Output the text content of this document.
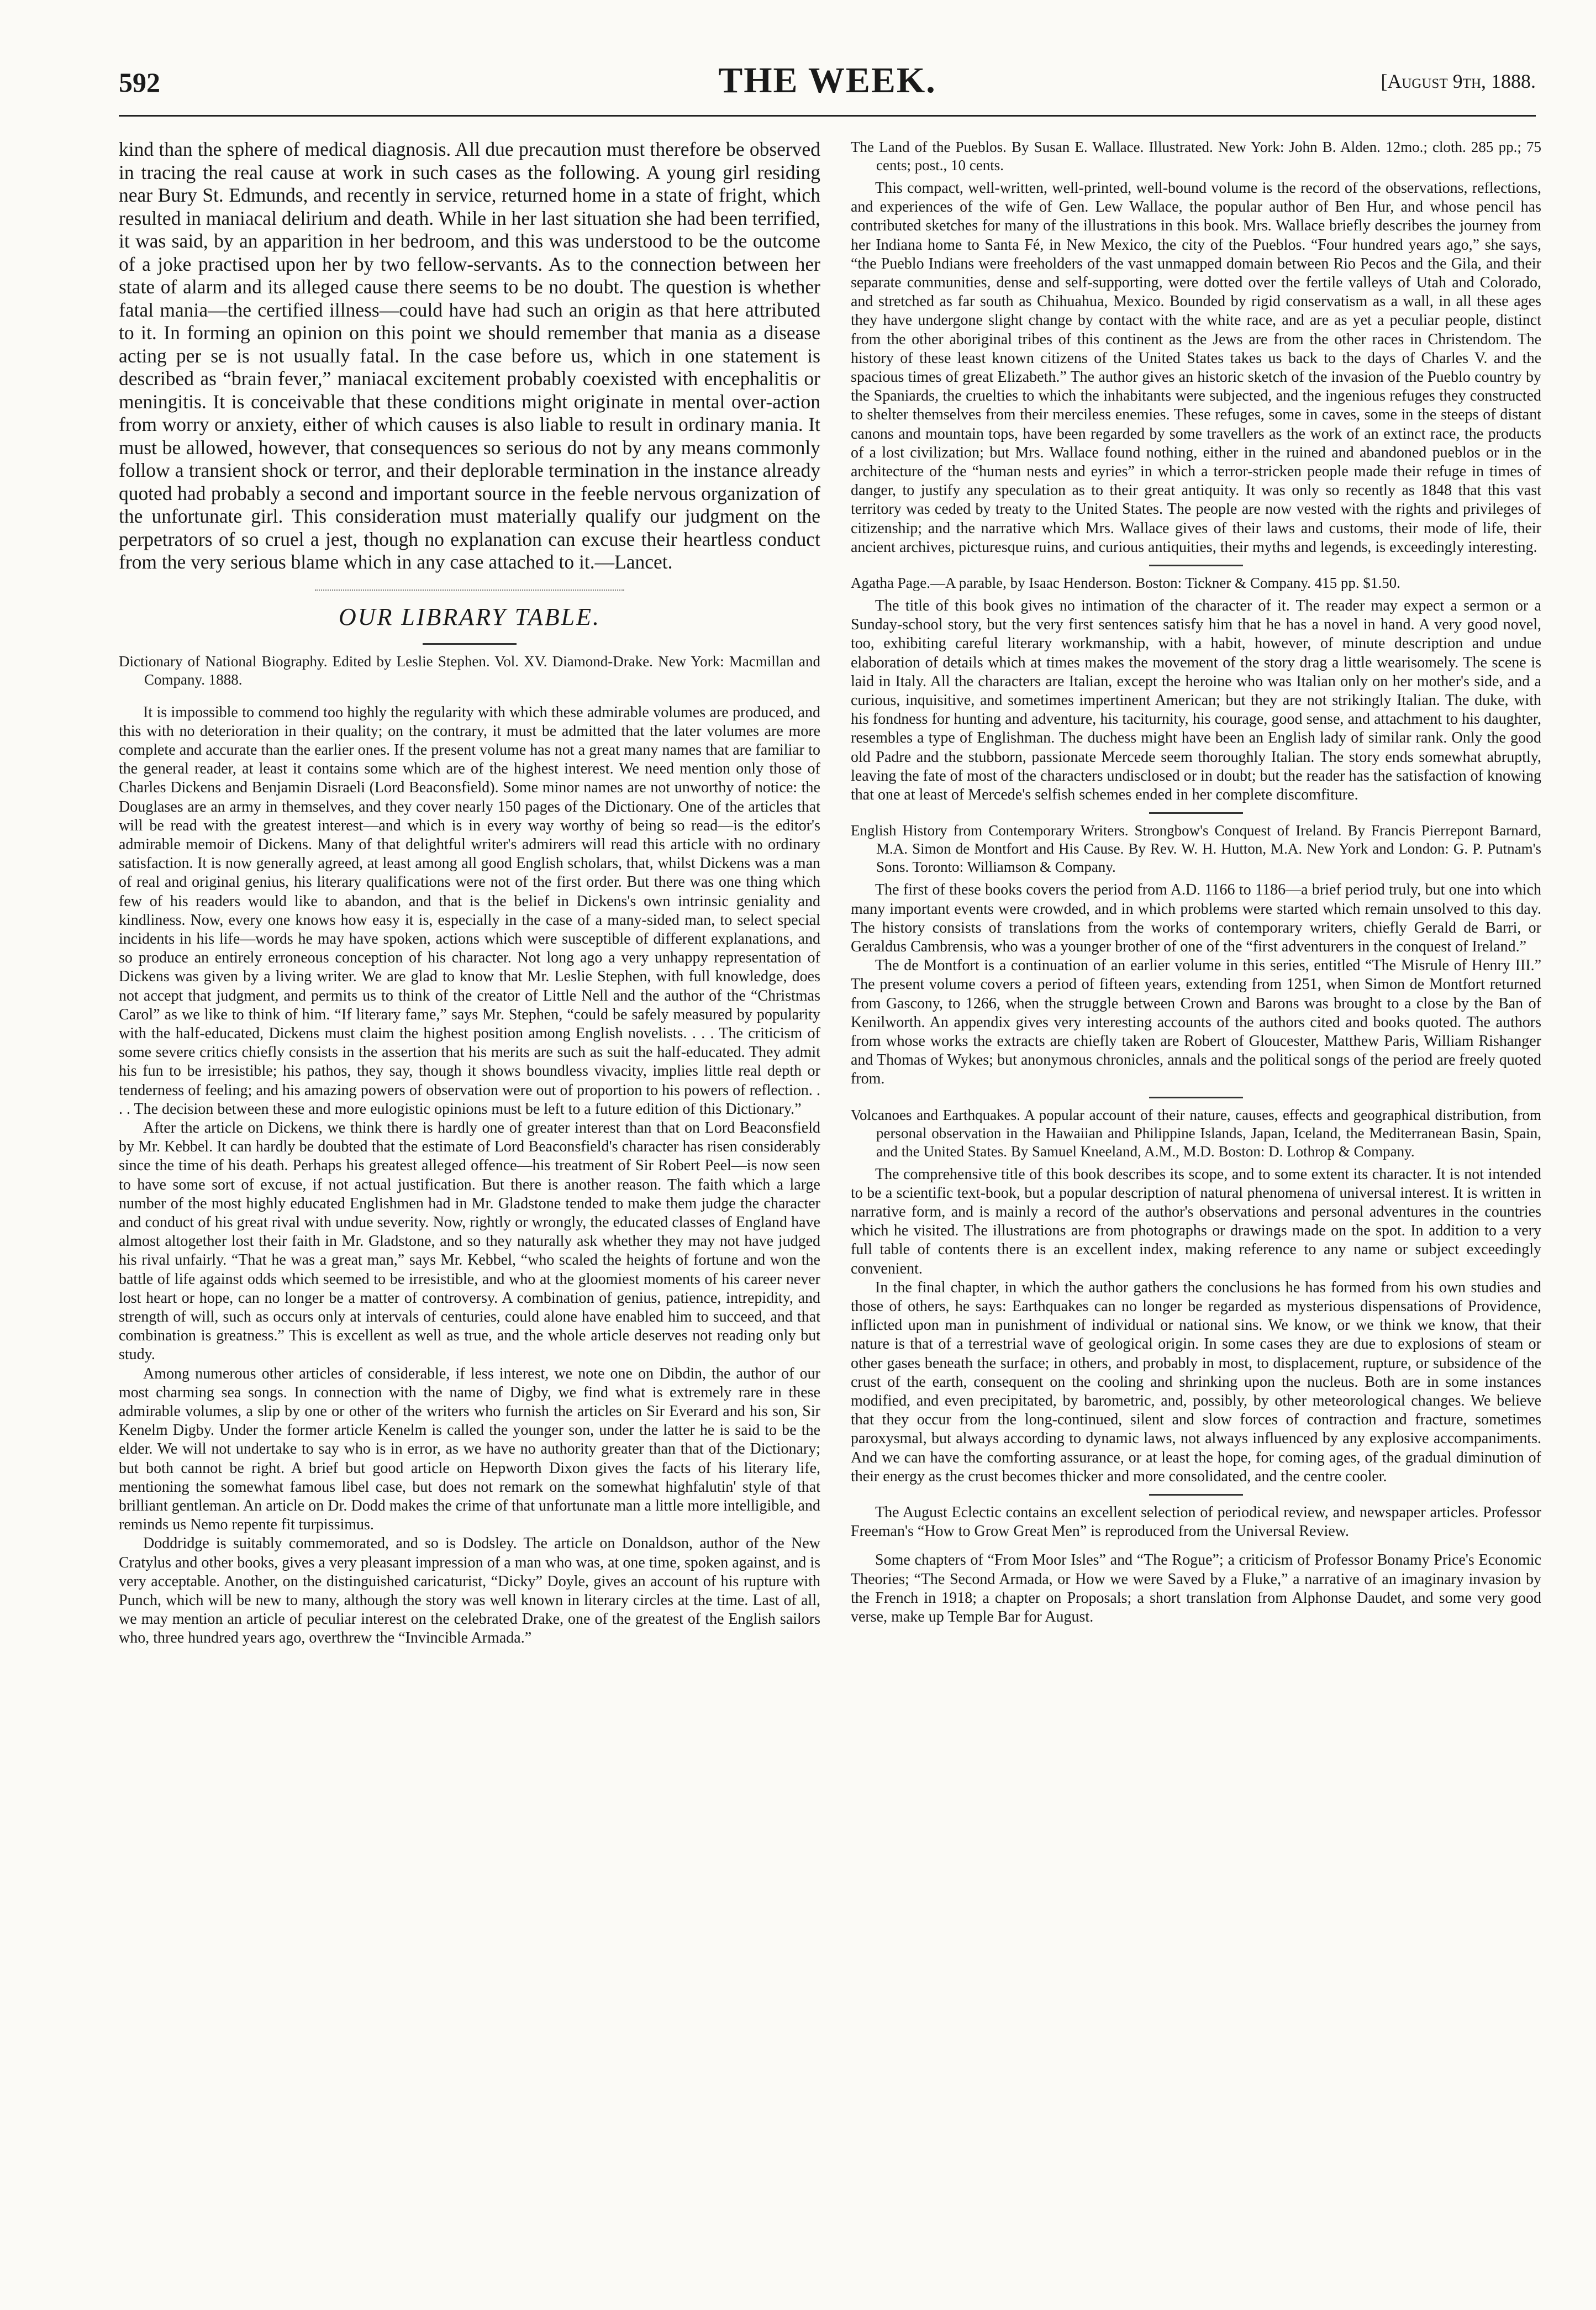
592	THE WEEK.	[August 9th, 1888.

kind than the sphere of medical diagnosis. All due precaution must therefore be observed in tracing the real cause at work in such cases as the following. A young girl residing near Bury St. Edmunds, and recently in service, returned home in a state of fright, which resulted in maniacal delirium and death. While in her last situation she had been terrified, it was said, by an apparition in her bedroom, and this was understood to be the outcome of a joke practised upon her by two fellow-servants. As to the connection between her state of alarm and its alleged cause there seems to be no doubt. The question is whether fatal mania—the certified illness—could have had such an origin as that here attributed to it. In forming an opinion on this point we should remember that mania as a disease acting per se is not usually fatal. In the case before us, which in one statement is described as “brain fever,” maniacal excitement probably coexisted with encephalitis or meningitis. It is conceivable that these conditions might originate in mental over-action from worry or anxiety, either of which causes is also liable to result in ordinary mania. It must be allowed, however, that consequences so serious do not by any means commonly follow a transient shock or terror, and their deplorable termination in the instance already quoted had probably a second and important source in the feeble nervous organization of the unfortunate girl. This consideration must materially qualify our judgment on the perpetrators of so cruel a jest, though no explanation can excuse their heartless conduct from the very serious blame which in any case attached to it.—Lancet.

OUR LIBRARY TABLE.

Dictionary of National Biography. Edited by Leslie Stephen. Vol. XV. Diamond-Drake. New York: Macmillan and Company. 1888.

It is impossible to commend too highly the regularity with which these admirable volumes are produced, and this with no deterioration in their quality; on the contrary, it must be admitted that the later volumes are more complete and accurate than the earlier ones. If the present volume has not a great many names that are familiar to the general reader, at least it contains some which are of the highest interest. We need mention only those of Charles Dickens and Benjamin Disraeli (Lord Beaconsfield). Some minor names are not unworthy of notice: the Douglases are an army in themselves, and they cover nearly 150 pages of the Dictionary. One of the articles that will be read with the greatest interest—and which is in every way worthy of being so read—is the editor's admirable memoir of Dickens. Many of that delightful writer's admirers will read this article with no ordinary satisfaction. It is now generally agreed, at least among all good English scholars, that, whilst Dickens was a man of real and original genius, his literary qualifications were not of the first order. But there was one thing which few of his readers would like to abandon, and that is the belief in Dickens's own intrinsic geniality and kindliness. Now, every one knows how easy it is, especially in the case of a many-sided man, to select special incidents in his life—words he may have spoken, actions which were susceptible of different explanations, and so produce an entirely erroneous conception of his character. Not long ago a very unhappy representation of Dickens was given by a living writer. We are glad to know that Mr. Leslie Stephen, with full knowledge, does not accept that judgment, and permits us to think of the creator of Little Nell and the author of the “Christmas Carol” as we like to think of him. “If literary fame,” says Mr. Stephen, “could be safely measured by popularity with the half-educated, Dickens must claim the highest position among English novelists. . . . The criticism of some severe critics chiefly consists in the assertion that his merits are such as suit the half-educated. They admit his fun to be irresistible; his pathos, they say, though it shows boundless vivacity, implies little real depth or tenderness of feeling; and his amazing powers of observation were out of proportion to his powers of reflection. . . . The decision between these and more eulogistic opinions must be left to a future edition of this Dictionary.”

After the article on Dickens, we think there is hardly one of greater interest than that on Lord Beaconsfield by Mr. Kebbel. It can hardly be doubted that the estimate of Lord Beaconsfield's character has risen considerably since the time of his death. Perhaps his greatest alleged offence—his treatment of Sir Robert Peel—is now seen to have some sort of excuse, if not actual justification. But there is another reason. The faith which a large number of the most highly educated Englishmen had in Mr. Gladstone tended to make them judge the character and conduct of his great rival with undue severity. Now, rightly or wrongly, the educated classes of England have almost altogether lost their faith in Mr. Gladstone, and so they naturally ask whether they may not have judged his rival unfairly. “That he was a great man,” says Mr. Kebbel, “who scaled the heights of fortune and won the battle of life against odds which seemed to be irresistible, and who at the gloomiest moments of his career never lost heart or hope, can no longer be a matter of controversy. A combination of genius, patience, intrepidity, and strength of will, such as occurs only at intervals of centuries, could alone have enabled him to succeed, and that combination is greatness.” This is excellent as well as true, and the whole article deserves not reading only but study.

Among numerous other articles of considerable, if less interest, we note one on Dibdin, the author of our most charming sea songs. In connection with the name of Digby, we find what is extremely rare in these admirable volumes, a slip by one or other of the writers who furnish the articles on Sir Everard and his son, Sir Kenelm Digby. Under the former article Kenelm is called the younger son, under the latter he is said to be the elder. We will not undertake to say who is in error, as we have no authority greater than that of the Dictionary; but both cannot be right. A brief but good article on Hepworth Dixon gives the facts of his literary life, mentioning the somewhat famous libel case, but does not remark on the somewhat highfalutin' style of that brilliant gentleman. An article on Dr. Dodd makes the crime of that unfortunate man a little more intelligible, and reminds us Nemo repente fit turpissimus.

Doddridge is suitably commemorated, and so is Dodsley. The article on Donaldson, author of the New Cratylus and other books, gives a very pleasant impression of a man who was, at one time, spoken against, and is very acceptable. Another, on the distinguished caricaturist, “Dicky” Doyle, gives an account of his rupture with Punch, which will be new to many, although the story was well known in literary circles at the time. Last of all, we may mention an article of peculiar interest on the celebrated Drake, one of the greatest of the English sailors who, three hundred years ago, overthrew the “Invincible Armada.”

The Land of the Pueblos. By Susan E. Wallace. Illustrated. New York: John B. Alden. 12mo.; cloth. 285 pp.; 75 cents; post., 10 cents.

This compact, well-written, well-printed, well-bound volume is the record of the observations, reflections, and experiences of the wife of Gen. Lew Wallace, the popular author of Ben Hur, and whose pencil has contributed sketches for many of the illustrations in this book. Mrs. Wallace briefly describes the journey from her Indiana home to Santa Fé, in New Mexico, the city of the Pueblos. “Four hundred years ago,” she says, “the Pueblo Indians were freeholders of the vast unmapped domain between Rio Pecos and the Gila, and their separate communities, dense and self-supporting, were dotted over the fertile valleys of Utah and Colorado, and stretched as far south as Chihuahua, Mexico. Bounded by rigid conservatism as a wall, in all these ages they have undergone slight change by contact with the white race, and are as yet a peculiar people, distinct from the other aboriginal tribes of this continent as the Jews are from the other races in Christendom. The history of these least known citizens of the United States takes us back to the days of Charles V. and the spacious times of great Elizabeth.” The author gives an historic sketch of the invasion of the Pueblo country by the Spaniards, the cruelties to which the inhabitants were subjected, and the ingenious refuges they constructed to shelter themselves from their merciless enemies. These refuges, some in caves, some in the steeps of distant canons and mountain tops, have been regarded by some travellers as the work of an extinct race, the products of a lost civilization; but Mrs. Wallace found nothing, either in the ruined and abandoned pueblos or in the architecture of the “human nests and eyries” in which a terror-stricken people made their refuge in times of danger, to justify any speculation as to their great antiquity. It was only so recently as 1848 that this vast territory was ceded by treaty to the United States. The people are now vested with the rights and privileges of citizenship; and the narrative which Mrs. Wallace gives of their laws and customs, their mode of life, their ancient archives, picturesque ruins, and curious antiquities, their myths and legends, is exceedingly interesting.

Agatha Page.—A parable, by Isaac Henderson. Boston: Tickner & Company. 415 pp. $1.50.

The title of this book gives no intimation of the character of it. The reader may expect a sermon or a Sunday-school story, but the very first sentences satisfy him that he has a novel in hand. A very good novel, too, exhibiting careful literary workmanship, with a habit, however, of minute description and undue elaboration of details which at times makes the movement of the story drag a little wearisomely. The scene is laid in Italy. All the characters are Italian, except the heroine who was Italian only on her mother's side, and a curious, inquisitive, and sometimes impertinent American; but they are not strikingly Italian. The duke, with his fondness for hunting and adventure, his taciturnity, his courage, good sense, and attachment to his daughter, resembles a type of Englishman. The duchess might have been an English lady of similar rank. Only the good old Padre and the stubborn, passionate Mercede seem thoroughly Italian. The story ends somewhat abruptly, leaving the fate of most of the characters undisclosed or in doubt; but the reader has the satisfaction of knowing that one at least of Mercede's selfish schemes ended in her complete discomfiture.

English History from Contemporary Writers. Strongbow's Conquest of Ireland. By Francis Pierrepont Barnard, M.A. Simon de Montfort and His Cause. By Rev. W. H. Hutton, M.A. New York and London: G. P. Putnam's Sons. Toronto: Williamson & Company.

The first of these books covers the period from A.D. 1166 to 1186—a brief period truly, but one into which many important events were crowded, and in which problems were started which remain unsolved to this day. The history consists of translations from the works of contemporary writers, chiefly Gerald de Barri, or Geraldus Cambrensis, who was a younger brother of one of the “first adventurers in the conquest of Ireland.”

The de Montfort is a continuation of an earlier volume in this series, entitled “The Misrule of Henry III.” The present volume covers a period of fifteen years, extending from 1251, when Simon de Montfort returned from Gascony, to 1266, when the struggle between Crown and Barons was brought to a close by the Ban of Kenilworth. An appendix gives very interesting accounts of the authors cited and books quoted. The authors from whose works the extracts are chiefly taken are Robert of Gloucester, Matthew Paris, William Rishanger and Thomas of Wykes; but anonymous chronicles, annals and the political songs of the period are freely quoted from.

Volcanoes and Earthquakes. A popular account of their nature, causes, effects and geographical distribution, from personal observation in the Hawaiian and Philippine Islands, Japan, Iceland, the Mediterranean Basin, Spain, and the United States. By Samuel Kneeland, A.M., M.D. Boston: D. Lothrop & Company.

The comprehensive title of this book describes its scope, and to some extent its character. It is not intended to be a scientific text-book, but a popular description of natural phenomena of universal interest. It is written in narrative form, and is mainly a record of the author's observations and personal adventures in the countries which he visited. The illustrations are from photographs or drawings made on the spot. In addition to a very full table of contents there is an excellent index, making reference to any name or subject exceedingly convenient.

In the final chapter, in which the author gathers the conclusions he has formed from his own studies and those of others, he says: Earthquakes can no longer be regarded as mysterious dispensations of Providence, inflicted upon man in punishment of individual or national sins. We know, or we think we know, that their nature is that of a terrestrial wave of geological origin. In some cases they are due to explosions of steam or other gases beneath the surface; in others, and probably in most, to displacement, rupture, or subsidence of the crust of the earth, consequent on the cooling and shrinking upon the nucleus. Both are in some instances modified, and even precipitated, by barometric, and, possibly, by other meteorological changes. We believe that they occur from the long-continued, silent and slow forces of contraction and fracture, sometimes paroxysmal, but always according to dynamic laws, not always influenced by any explosive accompaniments. And we can have the comforting assurance, or at least the hope, for coming ages, of the gradual diminution of their energy as the crust becomes thicker and more consolidated, and the centre cooler.

The August Eclectic contains an excellent selection of periodical review, and newspaper articles. Professor Freeman's “How to Grow Great Men” is reproduced from the Universal Review.

Some chapters of “From Moor Isles” and “The Rogue”; a criticism of Professor Bonamy Price's Economic Theories; “The Second Armada, or How we were Saved by a Fluke,” a narrative of an imaginary invasion by the French in 1918; a chapter on Proposals; a short translation from Alphonse Daudet, and some very good verse, make up Temple Bar for August.
